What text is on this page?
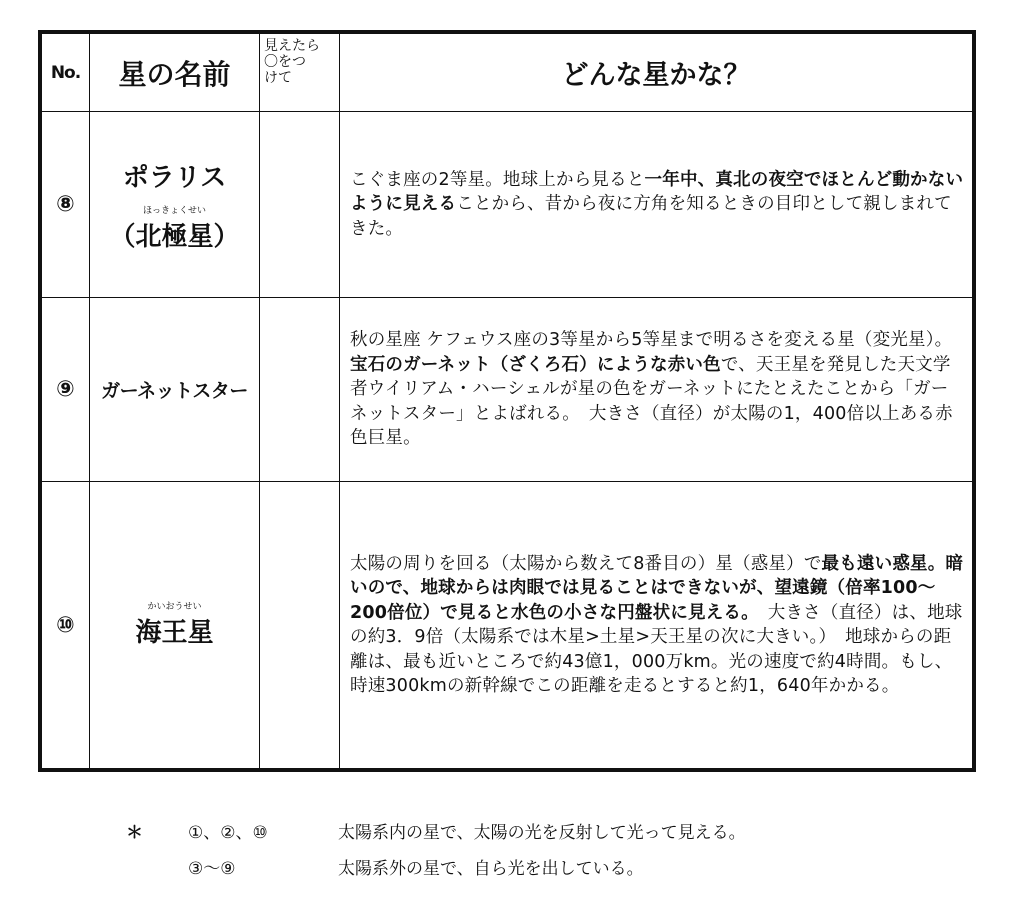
No.	星の名前	見えたら
〇をつ
けて	どんな星かな？
⑧	ポラリス
ほっきょくせい
（北極星）		こぐま座の2等星。地球上から見ると一年中、真北の夜空でほとんど動かないように見えることから、昔から夜に方角を知るときの目印として親しまれてきた。
⑨	ガーネットスター		秋の星座 ケフェウス座の3等星から5等星まで明るさを変える星（変光星）。宝石のガーネット（ざくろ石）にような赤い色で、天王星を発見した天文学者ウイリアム・ハーシェルが星の色をガーネットにたとえたことから「ガーネットスター」とよばれる。　大きさ（直径）が太陽の1，400倍以上ある赤色巨星。
⑩	かいおうせい
海王星		太陽の周りを回る（太陽から数えて8番目の）星（惑星）で最も遠い惑星。暗いので、地球からは肉眼では見ることはできないが、望遠鏡（倍率100～200倍位）で見ると水色の小さな円盤状に見える。　大きさ（直径）は、地球の約3．9倍（太陽系では木星>土星>天王星の次に大きい。）　地球からの距離は、最も近いところで約43億1，000万km。光の速度で約4時間。もし、時速300kmの新幹線でこの距離を走るとすると約1，640年かかる。
＊	①、②、⑩	太陽系内の星で、太陽の光を反射して光って見える。
③～⑨	太陽系外の星で、自ら光を出している。
